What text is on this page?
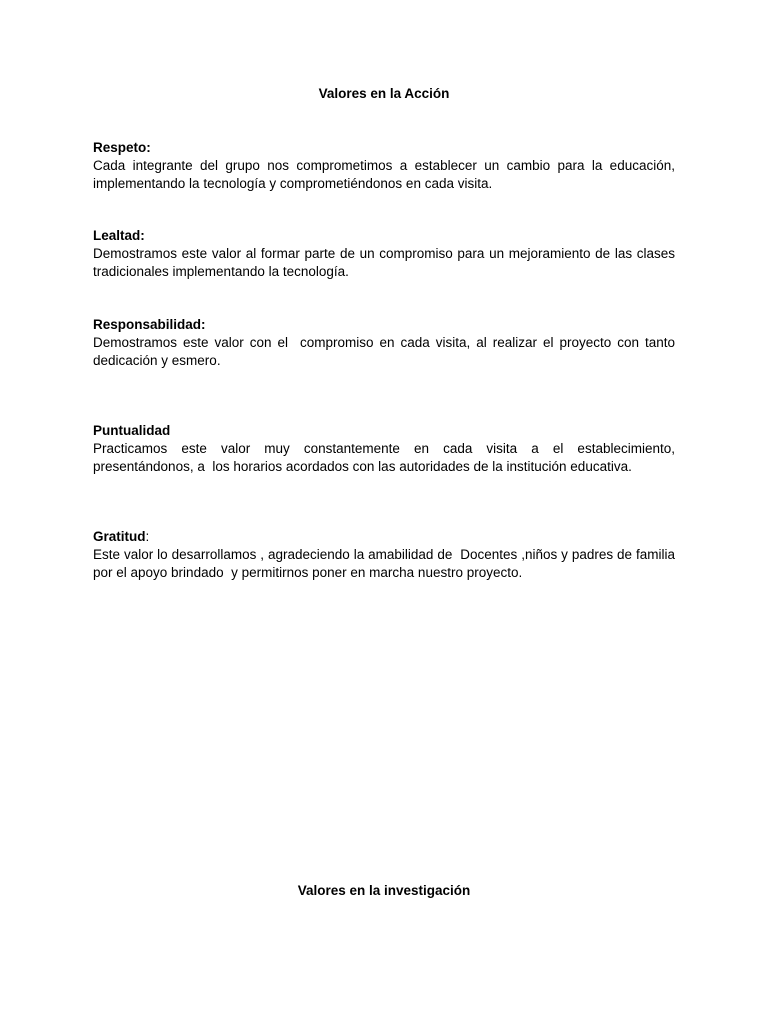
Valores en la Acción
Respeto:

Cada integrante del grupo nos comprometimos a establecer un cambio para la educación, implementando la tecnología y comprometiéndonos en cada visita.

Lealtad:

Demostramos este valor al formar parte de un compromiso para un mejoramiento de las clases tradicionales implementando la tecnología.

Responsabilidad:

Demostramos este valor con el  compromiso en cada visita, al realizar el proyecto con tanto dedicación y esmero.

Puntualidad

Practicamos este valor muy constantemente en cada visita a el establecimiento, presentándonos, a  los horarios acordados con las autoridades de la institución educativa.

Gratitud:

Este valor lo desarrollamos , agradeciendo la amabilidad de  Docentes ,niños y padres de familia por el apoyo brindado  y permitirnos poner en marcha nuestro proyecto.

Valores en la investigación
